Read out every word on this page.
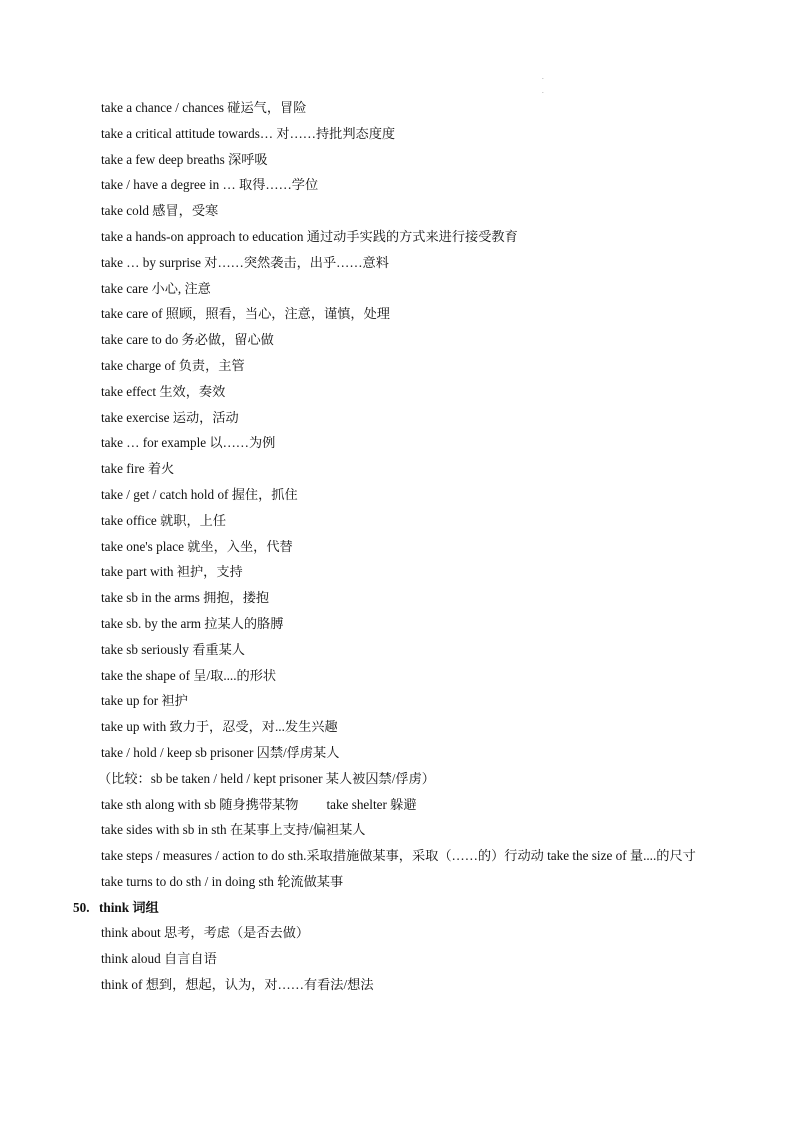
.
.
take a chance / chances 碰运气，冒险
take a critical attitude towards… 对……持批判态度度
take a few deep breaths 深呼吸
take / have a degree in … 取得……学位
take cold 感冒，受寒
take a hands-on approach to education 通过动手实践的方式来进行接受教育
take … by surprise 对……突然袭击，出乎……意料
take care 小心, 注意
take care of 照顾，照看，当心，注意，谨慎，处理
take care to do 务必做，留心做
take charge of 负责，主管
take effect 生效，奏效
take exercise 运动，活动
take … for example 以……为例
take fire 着火
take / get / catch hold of 握住，抓住
take office 就职，上任
take one's place 就坐，入坐，代替
take part with 袒护，支持
take sb in the arms 拥抱，搂抱
take sb. by the arm 拉某人的胳膊
take sb seriously 看重某人
take the shape of 呈/取....的形状
take up for 袒护
take up with 致力于，忍受，对...发生兴趣
take / hold / keep sb prisoner 囚禁/俘虏某人
（比较：sb be taken / held / kept prisoner 某人被囚禁/俘虏）
take sth along with sb 随身携带某物 take shelter 躲避
take sides with sb in sth 在某事上支持/偏袒某人
take steps / measures / action to do sth.采取措施做某事，采取（……的）行动动 take the size of 量....的尺寸
take turns to do sth / in doing sth 轮流做某事
50. think 词组
think about 思考，考虑（是否去做）
think aloud 自言自语
think of 想到，想起，认为，对……有看法/想法
